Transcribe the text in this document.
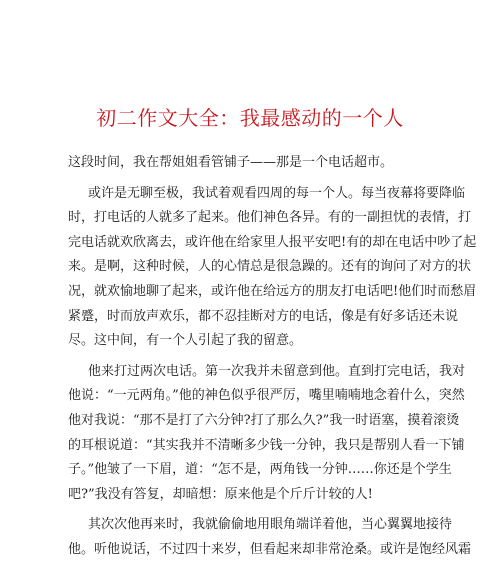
初二作文大全：我最感动的一个人
这段时间，我在帮姐姐看管铺子——那是一个电话超市。
或许是无聊至极，我试着观看四周的每一个人。每当夜幕将要降临
时，打电话的人就多了起来。他们神色各异。有的一副担忧的表情，打
完电话就欢欣离去，或许他在给家里人报平安吧!有的却在电话中吵了起
来。是啊，这种时候，人的心情总是很急躁的。还有的询问了对方的状
况，就欢愉地聊了起来，或许他在给远方的朋友打电话吧!他们时而愁眉
紧蹙，时而放声欢乐，都不忍挂断对方的电话，像是有好多话还未说
尽。这中间，有一个人引起了我的留意。
他来打过两次电话。第一次我并未留意到他。直到打完电话，我对
他说：“一元两角。”他的神色似乎很严厉，嘴里喃喃地念着什么，突然
他对我说：“那不是打了六分钟?打了那么久?”我一时语塞，摸着滚烫
的耳根说道：“其实我并不清晰多少钱一分钟，我只是帮别人看一下铺
子。”他皱了一下眉，道：“怎不是，两角钱一分钟……你还是个学生
吧?”我没有答复，却暗想：原来他是个斤斤计较的人!
其次次他再来时，我就偷偷地用眼角端详着他，当心翼翼地接待
他。听他说话，不过四十来岁，但看起来却非常沧桑。或许是饱经风霜
